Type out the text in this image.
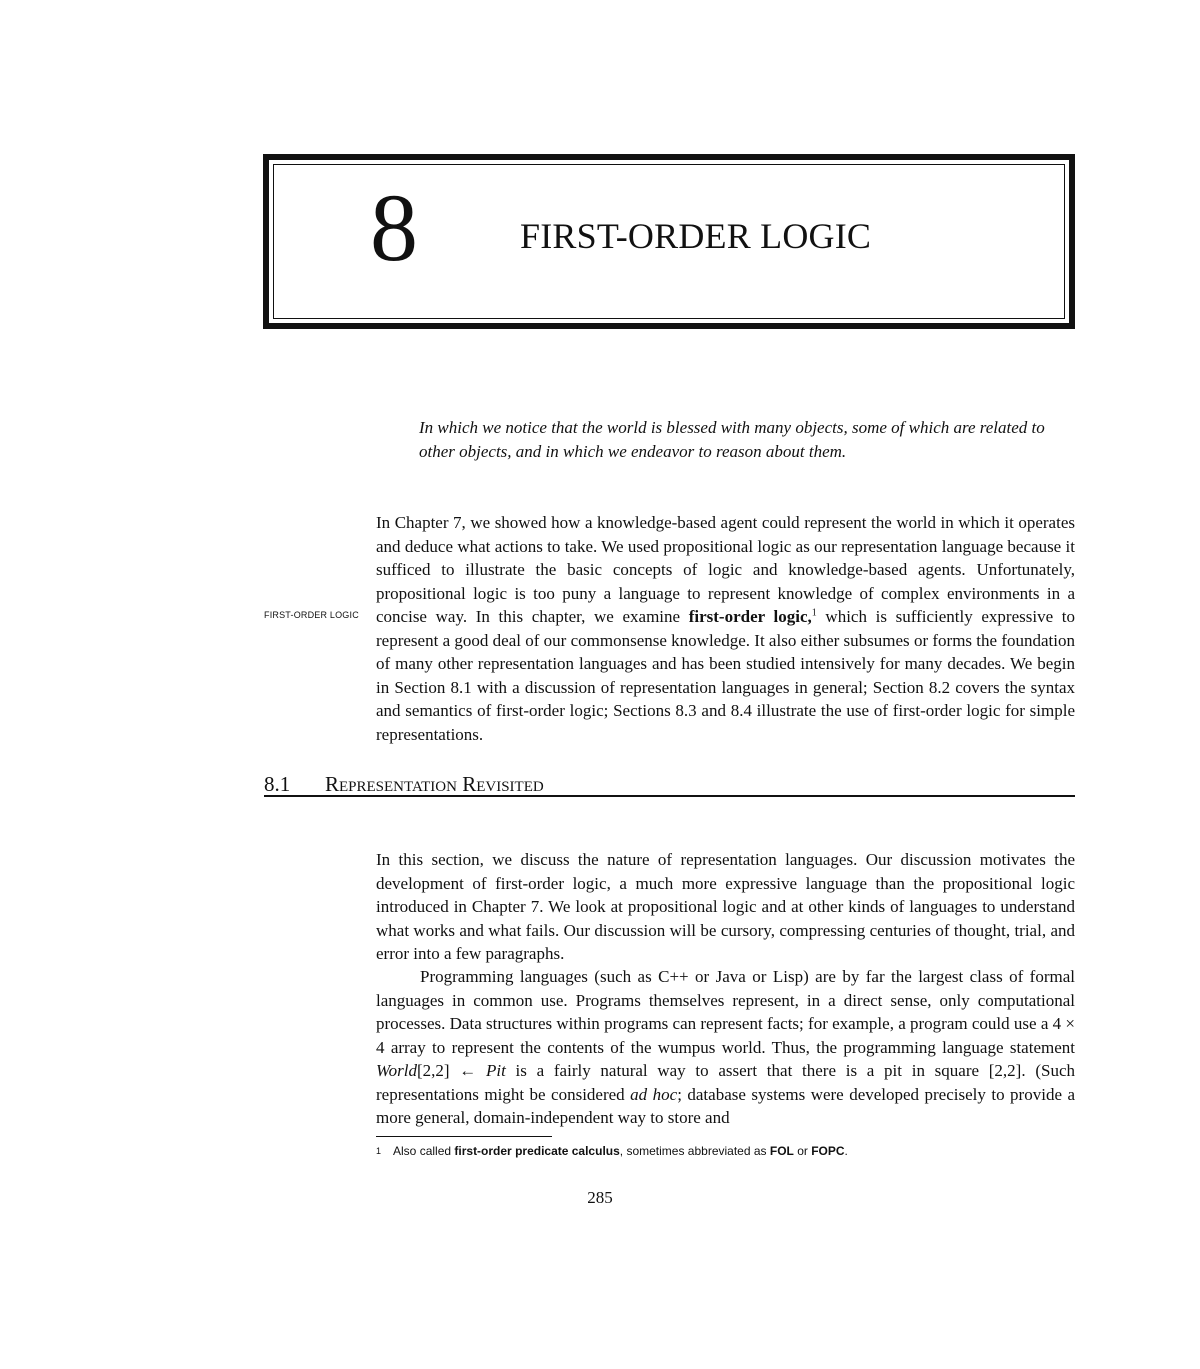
8	FIRST-ORDER LOGIC
In which we notice that the world is blessed with many objects, some of which are related to other objects, and in which we endeavor to reason about them.
FIRST-ORDER LOGIC
In Chapter 7, we showed how a knowledge-based agent could represent the world in which it operates and deduce what actions to take. We used propositional logic as our representation language because it sufficed to illustrate the basic concepts of logic and knowledge-based agents. Unfortunately, propositional logic is too puny a language to represent knowledge of complex environments in a concise way. In this chapter, we examine first-order logic,$^1$ which is sufficiently expressive to represent a good deal of our commonsense knowledge. It also either subsumes or forms the foundation of many other representation languages and has been studied intensively for many decades. We begin in Section 8.1 with a discussion of representation languages in general; Section 8.2 covers the syntax and semantics of first-order logic; Sections 8.3 and 8.4 illustrate the use of first-order logic for simple representations.
8.1 Representation Revisited
In this section, we discuss the nature of representation languages. Our discussion motivates the development of first-order logic, a much more expressive language than the propositional logic introduced in Chapter 7. We look at propositional logic and at other kinds of languages to understand what works and what fails. Our discussion will be cursory, compressing centuries of thought, trial, and error into a few paragraphs.
Programming languages (such as C++ or Java or Lisp) are by far the largest class of formal languages in common use. Programs themselves represent, in a direct sense, only computational processes. Data structures within programs can represent facts; for example, a program could use a 4 × 4 array to represent the contents of the wumpus world. Thus, the programming language statement World[2,2] ← Pit is a fairly natural way to assert that there is a pit in square [2,2]. (Such representations might be considered ad hoc; database systems were developed precisely to provide a more general, domain-independent way to store and
$^1$ Also called first-order predicate calculus, sometimes abbreviated as FOL or FOPC.
285
